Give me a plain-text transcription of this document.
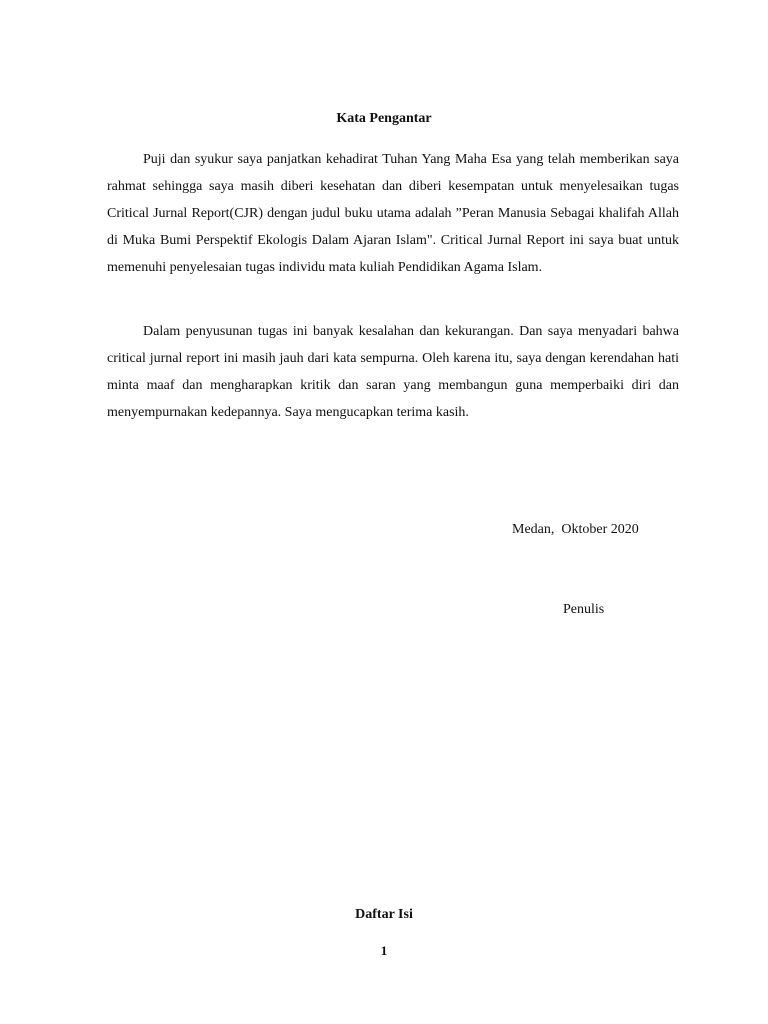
Kata Pengantar

Puji dan syukur saya panjatkan kehadirat Tuhan Yang Maha Esa yang telah memberikan saya rahmat sehingga saya masih diberi kesehatan dan diberi kesempatan untuk menyelesaikan tugas Critical Jurnal Report(CJR) dengan judul buku utama adalah ”Peran Manusia Sebagai khalifah Allah di Muka Bumi Perspektif Ekologis Dalam Ajaran Islam". Critical Jurnal Report ini saya buat untuk memenuhi penyelesaian tugas individu mata kuliah Pendidikan Agama Islam.

Dalam penyusunan tugas ini banyak kesalahan dan kekurangan. Dan saya menyadari bahwa critical jurnal report ini masih jauh dari kata sempurna. Oleh karena itu, saya dengan kerendahan hati minta maaf dan mengharapkan kritik dan saran yang membangun guna memperbaiki diri dan menyempurnakan kedepannya. Saya mengucapkan terima kasih.

Medan,  Oktober 2020
Penulis
Daftar Isi
1
